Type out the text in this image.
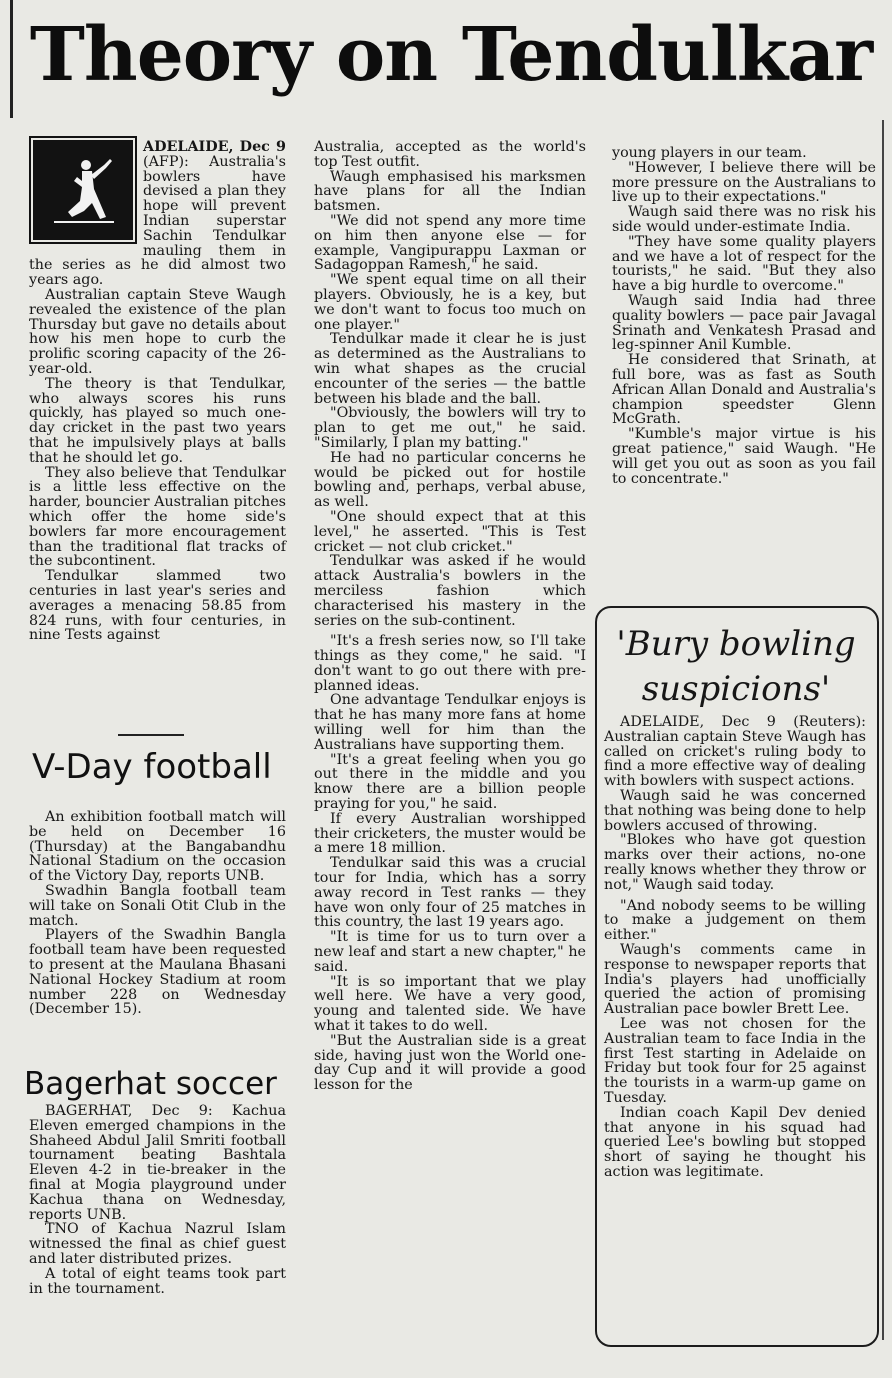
Theory on Tendulkar

ADELAIDE, Dec 9 (AFP): Australia's bowlers have devised a plan they hope will prevent Indian superstar Sachin Tendulkar mauling them in the series as he did almost two years ago.

Australian captain Steve Waugh revealed the existence of the plan Thursday but gave no details about how his men hope to curb the prolific scoring capacity of the 26-year-old.

The theory is that Tendulkar, who always scores his runs quickly, has played so much one-day cricket in the past two years that he impulsively plays at balls that he should let go.

They also believe that Tendulkar is a little less effective on the harder, bouncier Australian pitches which offer the home side's bowlers far more encouragement than the traditional flat tracks of the subcontinent.

Tendulkar slammed two centuries in last year's series and averages a menacing 58.85 from 824 runs, with four centuries, in nine Tests against

V-Day football

An exhibition football match will be held on December 16 (Thursday) at the Bangabandhu National Stadium on the occasion of the Victory Day, reports UNB.

Swadhin Bangla football team will take on Sonali Otit Club in the match.

Players of the Swadhin Bangla football team have been requested to present at the Maulana Bhasani National Hockey Stadium at room number 228 on Wednesday (December 15).

Bagerhat soccer

BAGERHAT, Dec 9: Kachua Eleven emerged champions in the Shaheed Abdul Jalil Smriti football tournament beating Bashtala Eleven 4-2 in tie-breaker in the final at Mogia playground under Kachua thana on Wednesday, reports UNB.

TNO of Kachua Nazrul Islam witnessed the final as chief guest and later distributed prizes.

A total of eight teams took part in the tournament.

Australia, accepted as the world's top Test outfit.

Waugh emphasised his marksmen have plans for all the Indian batsmen.

"We did not spend any more time on him then anyone else — for example, Vangipurappu Laxman or Sadagoppan Ramesh," he said.

"We spent equal time on all their players. Obviously, he is a key, but we don't want to focus too much on one player."

Tendulkar made it clear he is just as determined as the Australians to win what shapes as the crucial encounter of the series — the battle between his blade and the ball.

"Obviously, the bowlers will try to plan to get me out," he said. "Similarly, I plan my batting."

He had no particular concerns he would be picked out for hostile bowling and, perhaps, verbal abuse, as well.

"One should expect that at this level," he asserted. "This is Test cricket — not club cricket."

Tendulkar was asked if he would attack Australia's bowlers in the merciless fashion which characterised his mastery in the series on the sub-continent.

"It's a fresh series now, so I'll take things as they come," he said. "I don't want to go out there with pre-planned ideas.

One advantage Tendulkar enjoys is that he has many more fans at home willing well for him than the Australians have supporting them.

"It's a great feeling when you go out there in the middle and you know there are a billion people praying for you," he said.

If every Australian worshipped their cricketers, the muster would be a mere 18 million.

Tendulkar said this was a crucial tour for India, which has a sorry away record in Test ranks — they have won only four of 25 matches in this country, the last 19 years ago.

"It is time for us to turn over a new leaf and start a new chapter," he said.

"It is so important that we play well here. We have a very good, young and talented side. We have what it takes to do well.

"But the Australian side is a great side, having just won the World one-day Cup and it will provide a good lesson for the

young players in our team.

"However, I believe there will be more pressure on the Australians to live up to their expectations."

Waugh said there was no risk his side would under-estimate India.

"They have some quality players and we have a lot of respect for the tourists," he said. "But they also have a big hurdle to overcome."

Waugh said India had three quality bowlers — pace pair Javagal Srinath and Venkatesh Prasad and leg-spinner Anil Kumble.

He considered that Srinath, at full bore, was as fast as South African Allan Donald and Australia's champion speedster Glenn McGrath.

"Kumble's major virtue is his great patience," said Waugh. "He will get you out as soon as you fail to concentrate."

'Bury bowling suspicions'

ADELAIDE, Dec 9 (Reuters): Australian captain Steve Waugh has called on cricket's ruling body to find a more effective way of dealing with bowlers with suspect actions.

Waugh said he was concerned that nothing was being done to help bowlers accused of throwing.

"Blokes who have got question marks over their actions, no-one really knows whether they throw or not," Waugh said today.

"And nobody seems to be willing to make a judgement on them either."

Waugh's comments came in response to newspaper reports that India's players had unofficially queried the action of promising Australian pace bowler Brett Lee.

Lee was not chosen for the Australian team to face India in the first Test starting in Adelaide on Friday but took four for 25 against the tourists in a warm-up game on Tuesday.

Indian coach Kapil Dev denied that anyone in his squad had queried Lee's bowling but stopped short of saying he thought his action was legitimate.
